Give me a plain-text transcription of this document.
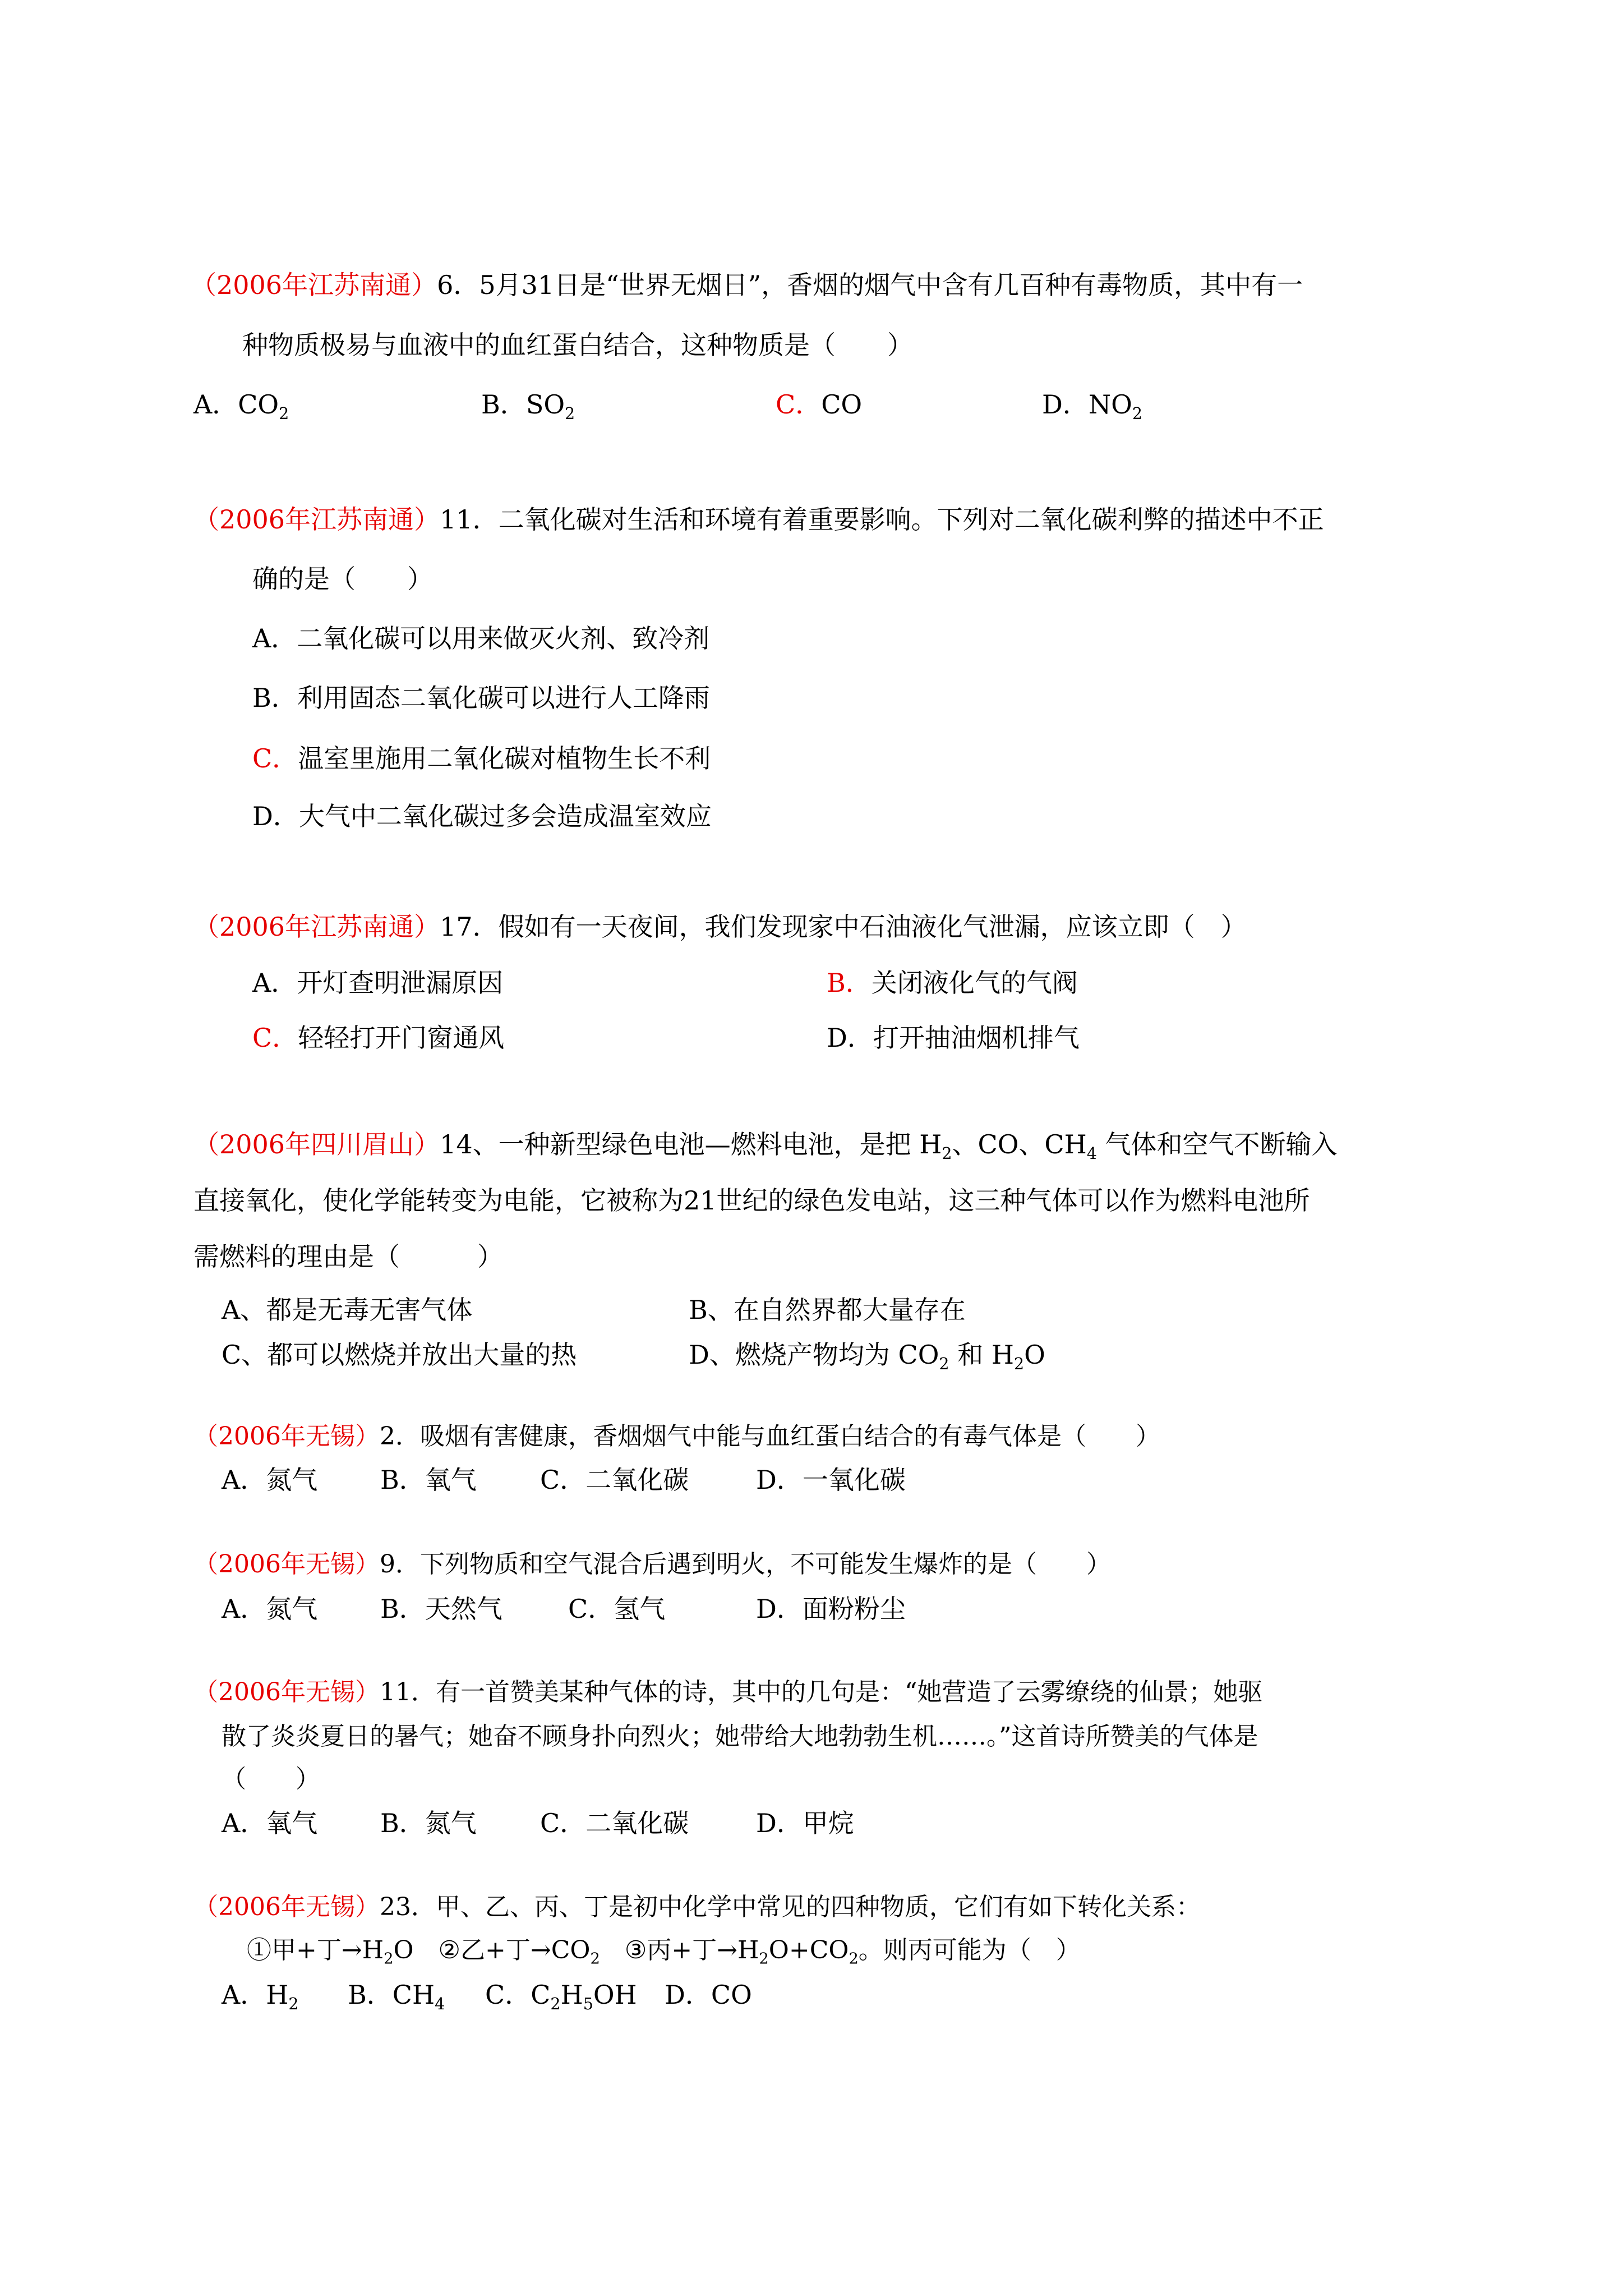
（2006年江苏南通）6．5月31日是“世界无烟日”，香烟的烟气中含有几百种有毒物质，其中有一
种物质极易与血液中的血红蛋白结合，这种物质是（　　）
A．$CO_2$	B．$SO_2$	C．CO	D．$NO_2$
（2006年江苏南通）11．二氧化碳对生活和环境有着重要影响。下列对二氧化碳利弊的描述中不正
确的是（　　）
A．二氧化碳可以用来做灭火剂、致冷剂
B．利用固态二氧化碳可以进行人工降雨
C．温室里施用二氧化碳对植物生长不利
D．大气中二氧化碳过多会造成温室效应
（2006年江苏南通）17．假如有一天夜间，我们发现家中石油液化气泄漏，应该立即（　）
A．开灯查明泄漏原因	B．关闭液化气的气阀
C．轻轻打开门窗通风	D．打开抽油烟机排气
（2006年四川眉山）14、一种新型绿色电池—燃料电池，是把 $H_2$、CO、$CH_4$ 气体和空气不断输入
直接氧化，使化学能转变为电能，它被称为21世纪的绿色发电站，这三种气体可以作为燃料电池所
需燃料的理由是（　　　）
A、都是无毒无害气体	B、在自然界都大量存在
C、都可以燃烧并放出大量的热	D、燃烧产物均为 $CO_2$ 和 $H_2O$
（2006年无锡）2．吸烟有害健康，香烟烟气中能与血红蛋白结合的有毒气体是（　　）
A．氮气 B．氧气 C．二氧化碳	D．一氧化碳
（2006年无锡）9．下列物质和空气混合后遇到明火，不可能发生爆炸的是（　　）
A．氮气 B．天然气	C．氢气	D．面粉粉尘
（2006年无锡）11．有一首赞美某种气体的诗，其中的几句是：“她营造了云雾缭绕的仙景；她驱
散了炎炎夏日的暑气；她奋不顾身扑向烈火；她带给大地勃勃生机……。”这首诗所赞美的气体是
（　　）
A．氧气 B．氮气 C．二氧化碳	D．甲烷
（2006年无锡）23．甲、乙、丙、丁是初中化学中常见的四种物质，它们有如下转化关系：
①甲+丁$\to H_2O$  ②乙+丁$\to CO_2$  ③丙+丁$\to H_2O+CO_2$。则丙可能为（　）
A．$H_2$ B．$CH_4$ C．$C_2H_5OH$ D．CO
